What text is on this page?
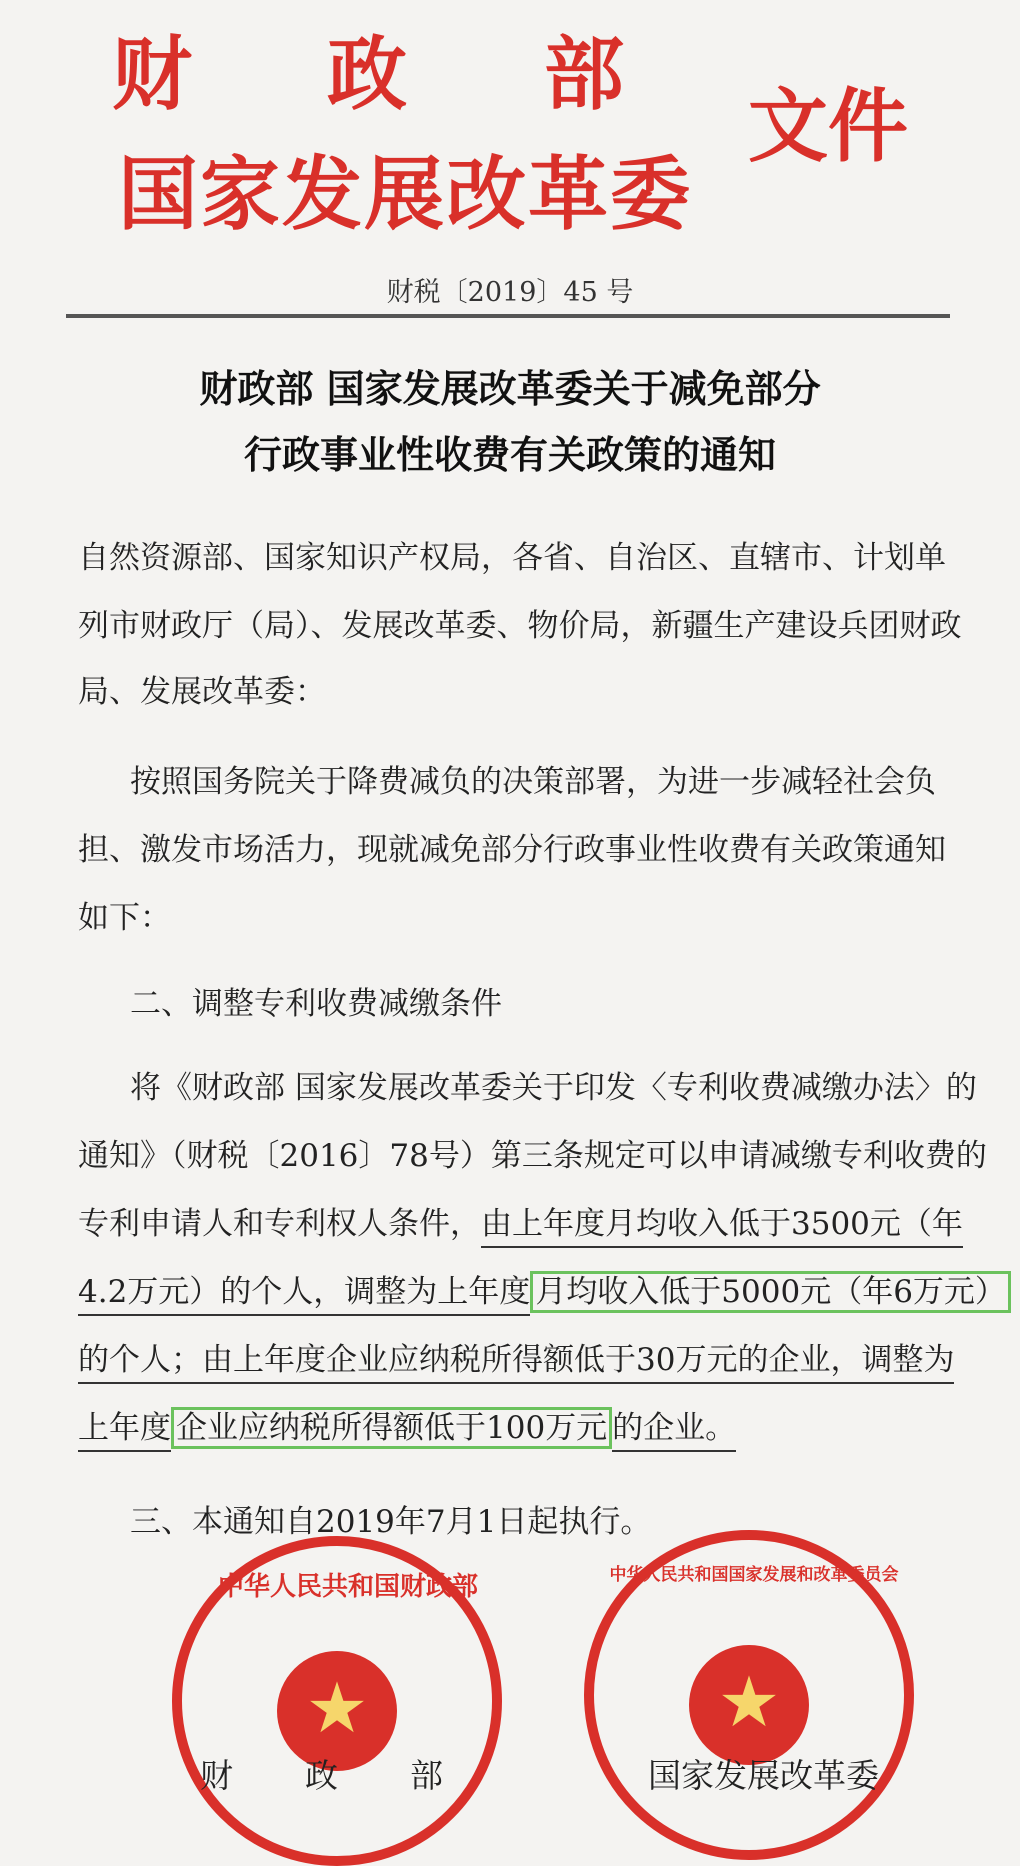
财 政 部
国家发展改革委
文件
财税〔2019〕45 号
财政部 国家发展改革委关于减免部分
行政事业性收费有关政策的通知
自然资源部、国家知识产权局，各省、自治区、直辖市、计划单
列市财政厅（局）、发展改革委、物价局，新疆生产建设兵团财政
局、发展改革委：
按照国务院关于降费减负的决策部署，为进一步减轻社会负
担、激发市场活力，现就减免部分行政事业性收费有关政策通知
如下：
二、调整专利收费减缴条件
将《财政部 国家发展改革委关于印发〈专利收费减缴办法〉的
通知》（财税〔2016〕78号）第三条规定可以申请减缴专利收费的
专利申请人和专利权人条件，由上年度月均收入低于3500元（年
4.2万元）的个人，调整为上年度 月均收入低于5000元（年6万元）
的个人；由上年度企业应纳税所得额低于30万元的企业，调整为
上年度 企业应纳税所得额低于100万元 的企业。
三、本通知自2019年7月1日起执行。
★
中华人民共和国财政部
★
中华人民共和国国家发展和改革委员会
财 政 部	国家发展改革委
